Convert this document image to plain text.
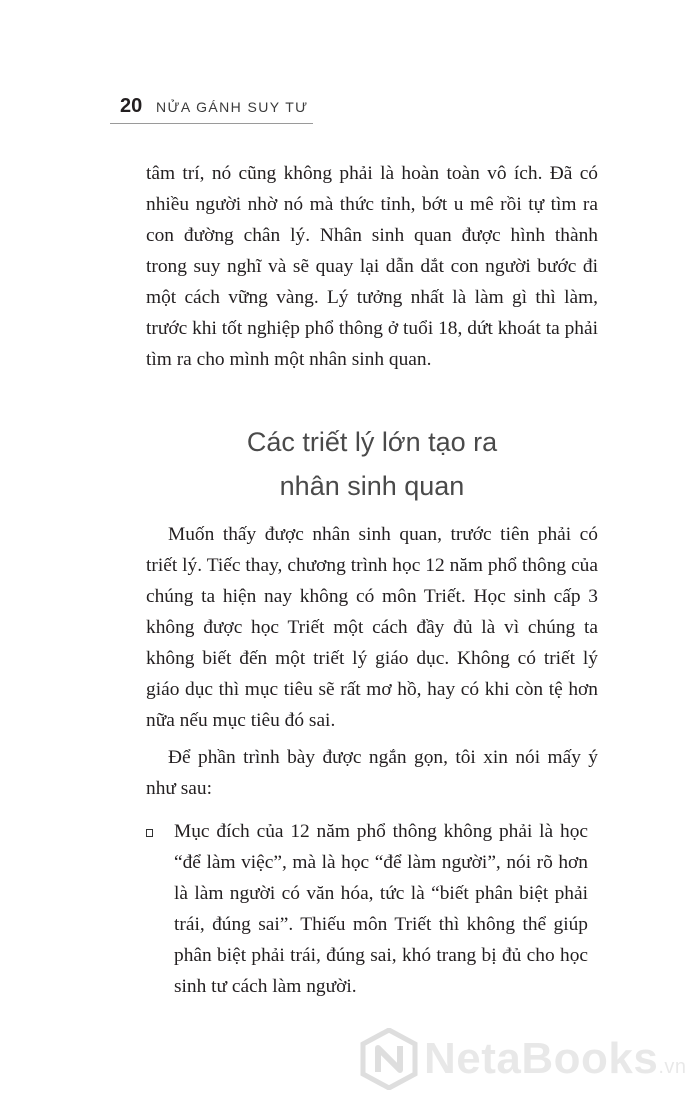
20 NỬA GÁNH SUY TƯ

tâm trí, nó cũng không phải là hoàn toàn vô ích. Đã có nhiều người nhờ nó mà thức tỉnh, bớt u mê rồi tự tìm ra con đường chân lý. Nhân sinh quan được hình thành trong suy nghĩ và sẽ quay lại dẫn dắt con người bước đi một cách vững vàng. Lý tưởng nhất là làm gì thì làm, trước khi tốt nghiệp phổ thông ở tuổi 18, dứt khoát ta phải tìm ra cho mình một nhân sinh quan.

Các triết lý lớn tạo ra
nhân sinh quan

Muốn thấy được nhân sinh quan, trước tiên phải có triết lý. Tiếc thay, chương trình học 12 năm phổ thông của chúng ta hiện nay không có môn Triết. Học sinh cấp 3 không được học Triết một cách đầy đủ là vì chúng ta không biết đến một triết lý giáo dục. Không có triết lý giáo dục thì mục tiêu sẽ rất mơ hồ, hay có khi còn tệ hơn nữa nếu mục tiêu đó sai.

Để phần trình bày được ngắn gọn, tôi xin nói mấy ý như sau:

Mục đích của 12 năm phổ thông không phải là học “để làm việc”, mà là học “để làm người”, nói rõ hơn là làm người có văn hóa, tức là “biết phân biệt phải trái, đúng sai”. Thiếu môn Triết thì không thể giúp phân biệt phải trái, đúng sai, khó trang bị đủ cho học sinh tư cách làm người.

NetaBooks.vn
